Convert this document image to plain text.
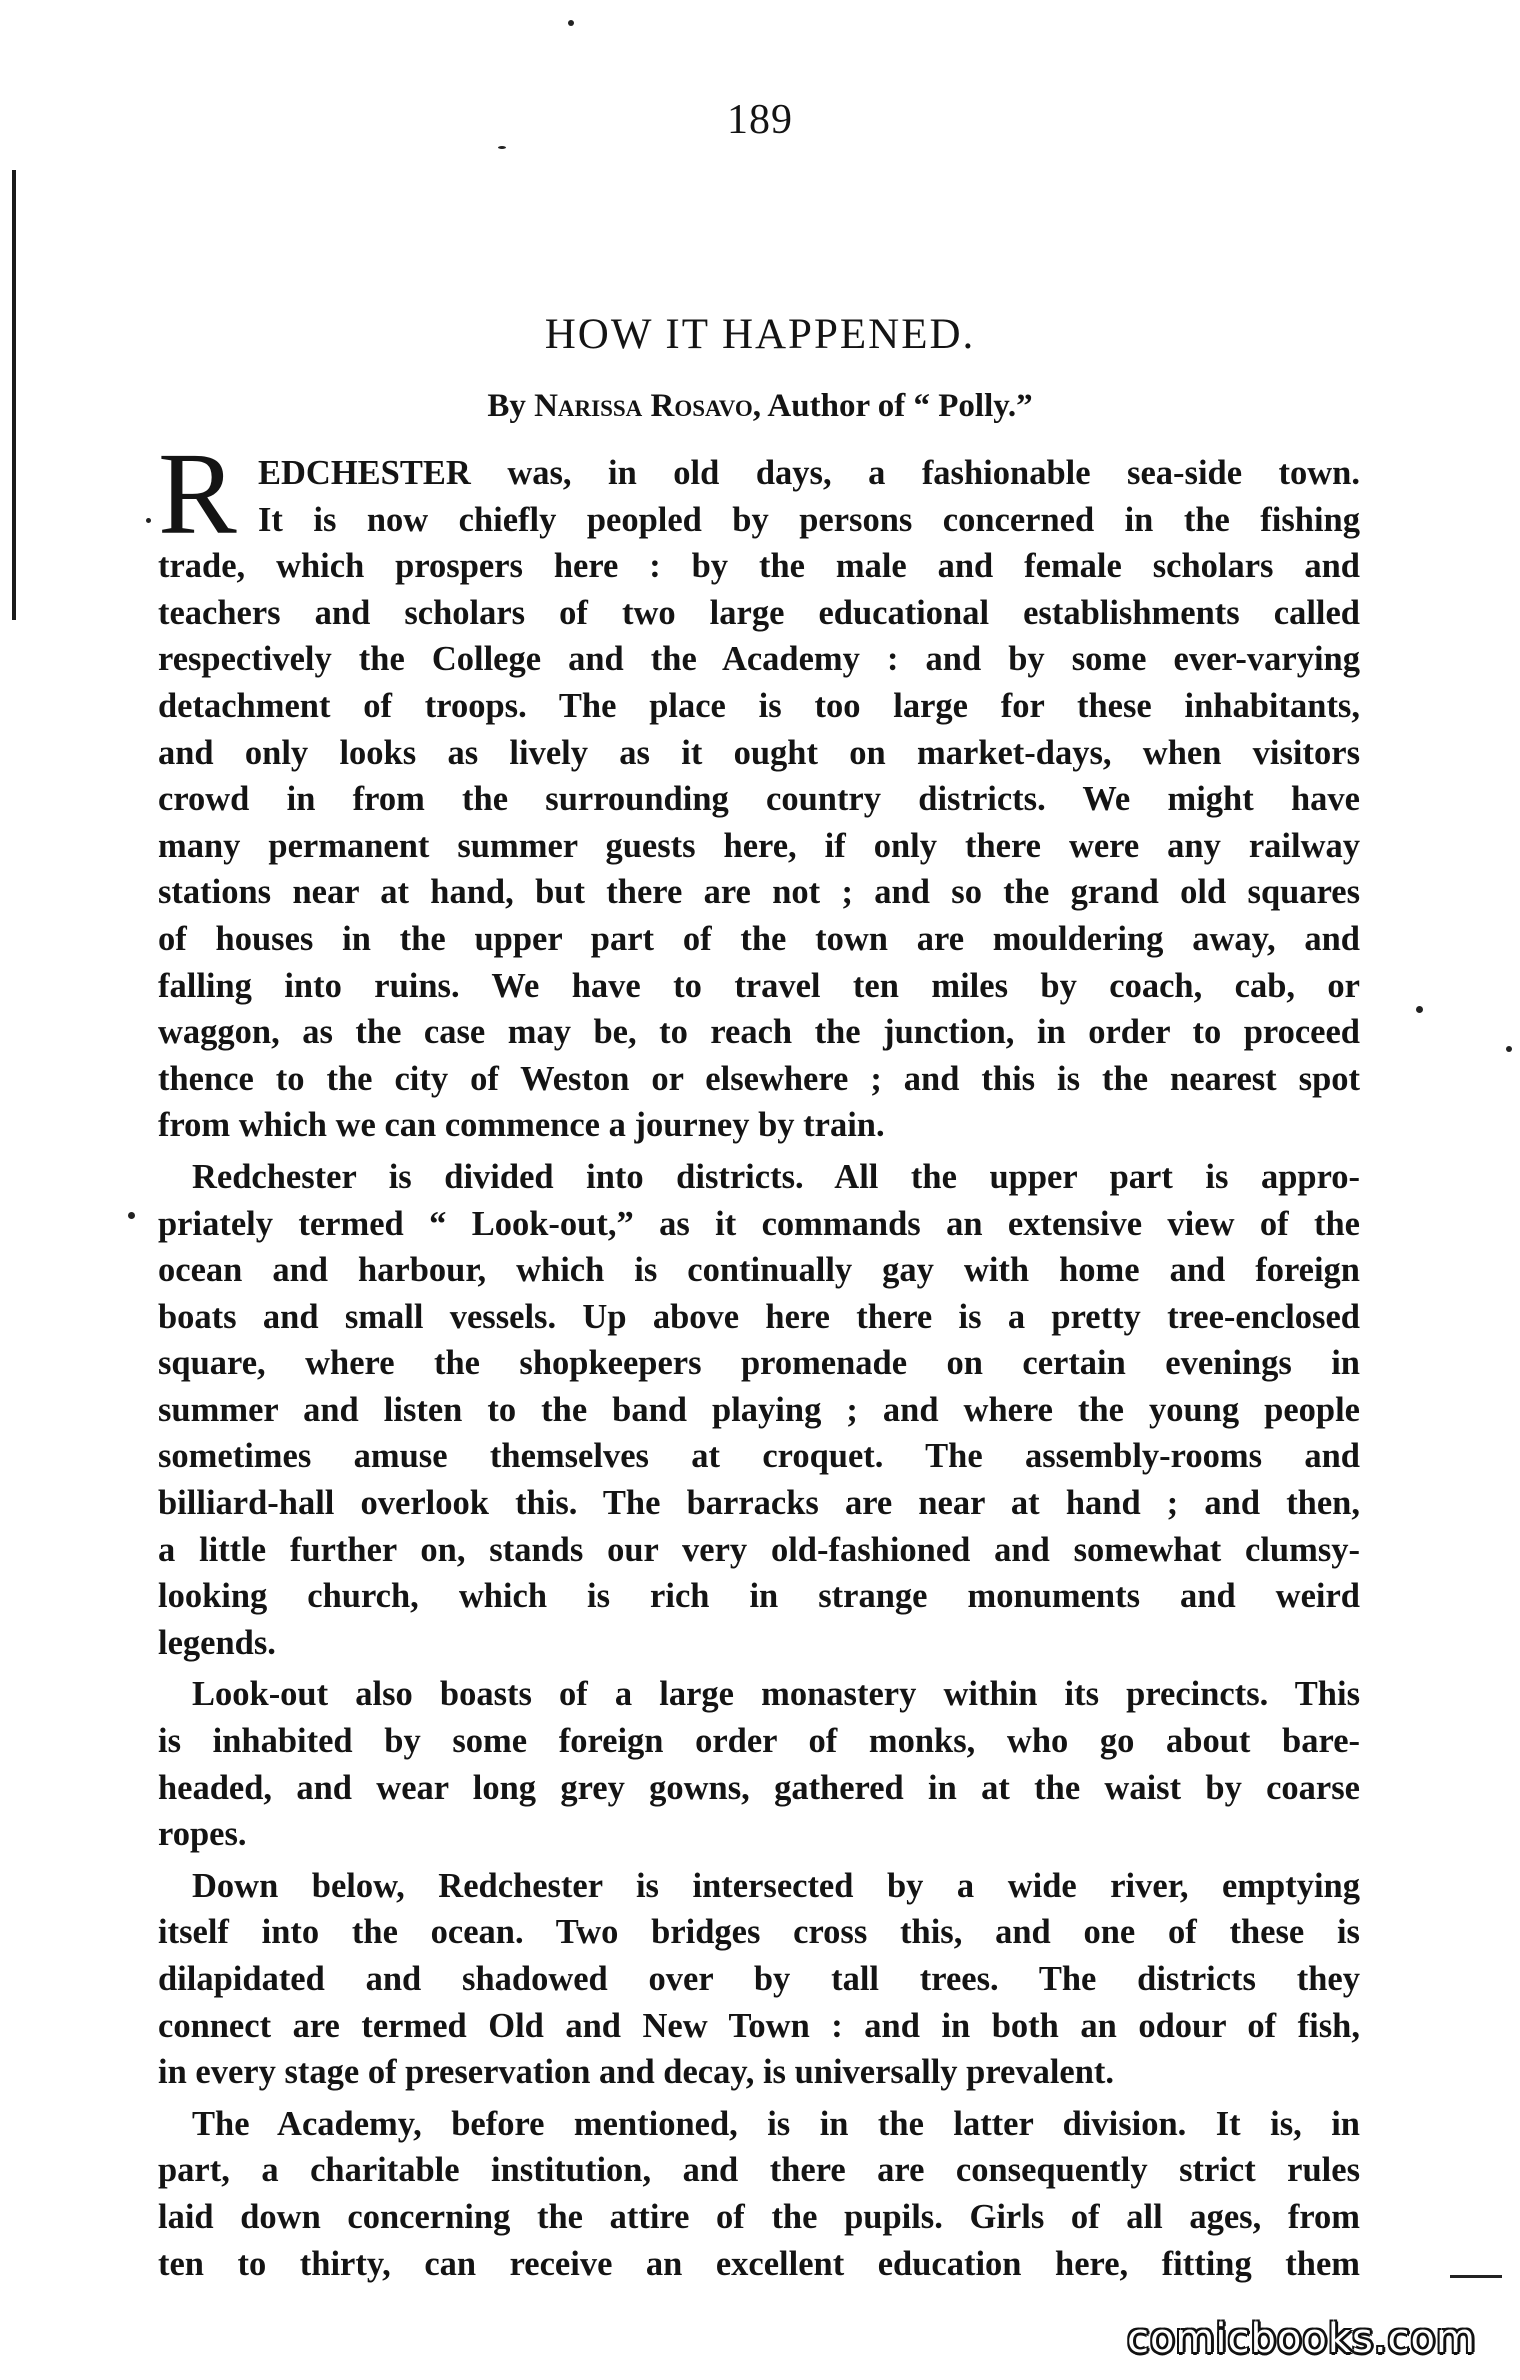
189
HOW IT HAPPENED.
By Narissa Rosavo, Author of “ Polly.”
R EDCHESTER was, in old days, a fashionable sea-side town.
It is now chiefly peopled by persons concerned in the fishing
trade, which prospers here : by the male and female scholars and
teachers and scholars of two large educational establishments called
respectively the College and the Academy : and by some ever-varying
detachment of troops. The place is too large for these inhabitants,
and only looks as lively as it ought on market-days, when visitors
crowd in from the surrounding country districts. We might have
many permanent summer guests here, if only there were any railway
stations near at hand, but there are not ; and so the grand old squares
of houses in the upper part of the town are mouldering away, and
falling into ruins. We have to travel ten miles by coach, cab, or
waggon, as the case may be, to reach the junction, in order to proceed
thence to the city of Weston or elsewhere ; and this is the nearest spot
from which we can commence a journey by train.
Redchester is divided into districts. All the upper part is appro-
priately termed “ Look-out,” as it commands an extensive view of the
ocean and harbour, which is continually gay with home and foreign
boats and small vessels. Up above here there is a pretty tree-enclosed
square, where the shopkeepers promenade on certain evenings in
summer and listen to the band playing ; and where the young people
sometimes amuse themselves at croquet. The assembly-rooms and
billiard-hall overlook this. The barracks are near at hand ; and then,
a little further on, stands our very old-fashioned and somewhat clumsy-
looking church, which is rich in strange monuments and weird
legends.
Look-out also boasts of a large monastery within its precincts. This
is inhabited by some foreign order of monks, who go about bare-
headed, and wear long grey gowns, gathered in at the waist by coarse
ropes.
Down below, Redchester is intersected by a wide river, emptying
itself into the ocean. Two bridges cross this, and one of these is
dilapidated and shadowed over by tall trees. The districts they
connect are termed Old and New Town : and in both an odour of fish,
in every stage of preservation and decay, is universally prevalent.
The Academy, before mentioned, is in the latter division. It is, in
part, a charitable institution, and there are consequently strict rules
laid down concerning the attire of the pupils. Girls of all ages, from
ten to thirty, can receive an excellent education here, fitting them
comicbooks.com
